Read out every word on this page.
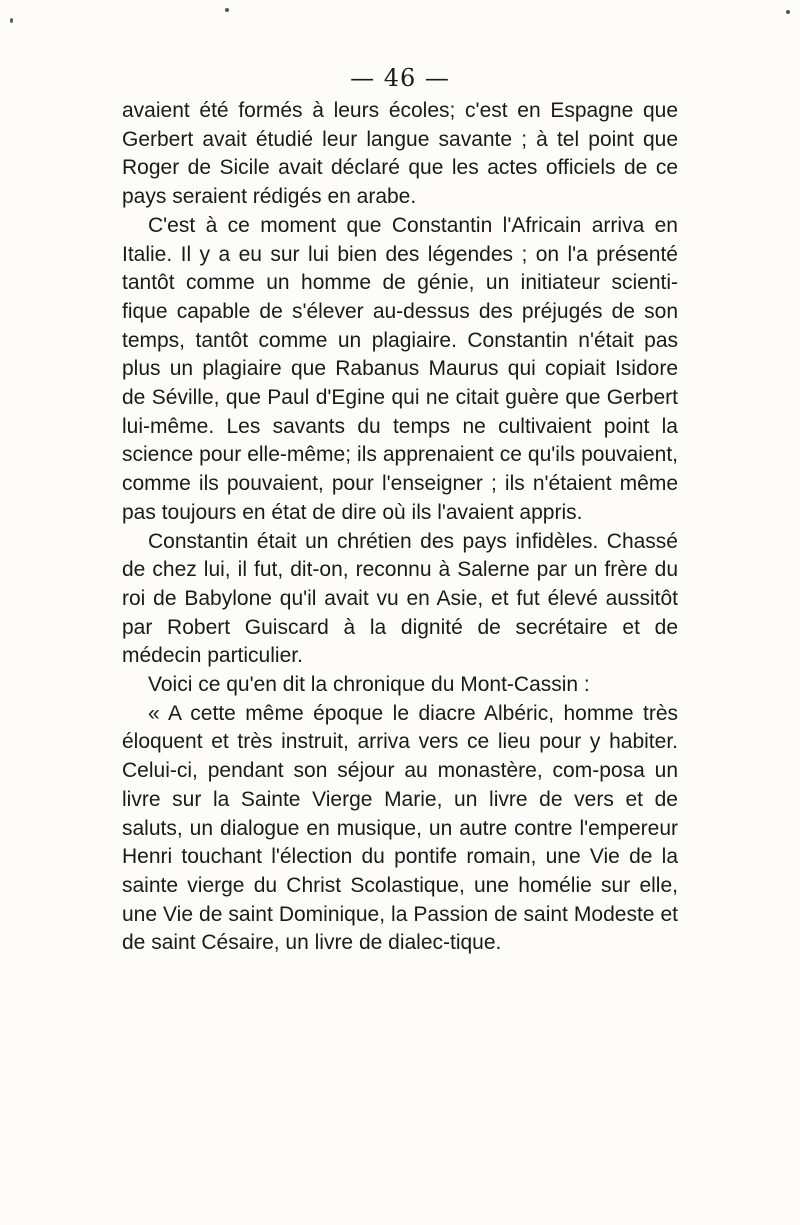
— 46 —

avaient été formés à leurs écoles; c'est en Espagne que Gerbert avait étudié leur langue savante ; à tel point que Roger de Sicile avait déclaré que les actes officiels de ce pays seraient rédigés en arabe.

C'est à ce moment que Constantin l'Africain arriva en Italie. Il y a eu sur lui bien des légendes ; on l'a présenté tantôt comme un homme de génie, un initiateur scienti-fique capable de s'élever au-dessus des préjugés de son temps, tantôt comme un plagiaire. Constantin n'était pas plus un plagiaire que Rabanus Maurus qui copiait Isidore de Séville, que Paul d'Egine qui ne citait guère que Gerbert lui-même. Les savants du temps ne cultivaient point la science pour elle-même; ils apprenaient ce qu'ils pouvaient, comme ils pouvaient, pour l'enseigner ; ils n'étaient même pas toujours en état de dire où ils l'avaient appris.

Constantin était un chrétien des pays infidèles. Chassé de chez lui, il fut, dit-on, reconnu à Salerne par un frère du roi de Babylone qu'il avait vu en Asie, et fut élevé aussitôt par Robert Guiscard à la dignité de secrétaire et de médecin particulier.

Voici ce qu'en dit la chronique du Mont-Cassin :

« A cette même époque le diacre Albéric, homme très éloquent et très instruit, arriva vers ce lieu pour y habiter. Celui-ci, pendant son séjour au monastère, com-posa un livre sur la Sainte Vierge Marie, un livre de vers et de saluts, un dialogue en musique, un autre contre l'empereur Henri touchant l'élection du pontife romain, une Vie de la sainte vierge du Christ Scolastique, une homélie sur elle, une Vie de saint Dominique, la Passion de saint Modeste et de saint Césaire, un livre de dialec-tique.
